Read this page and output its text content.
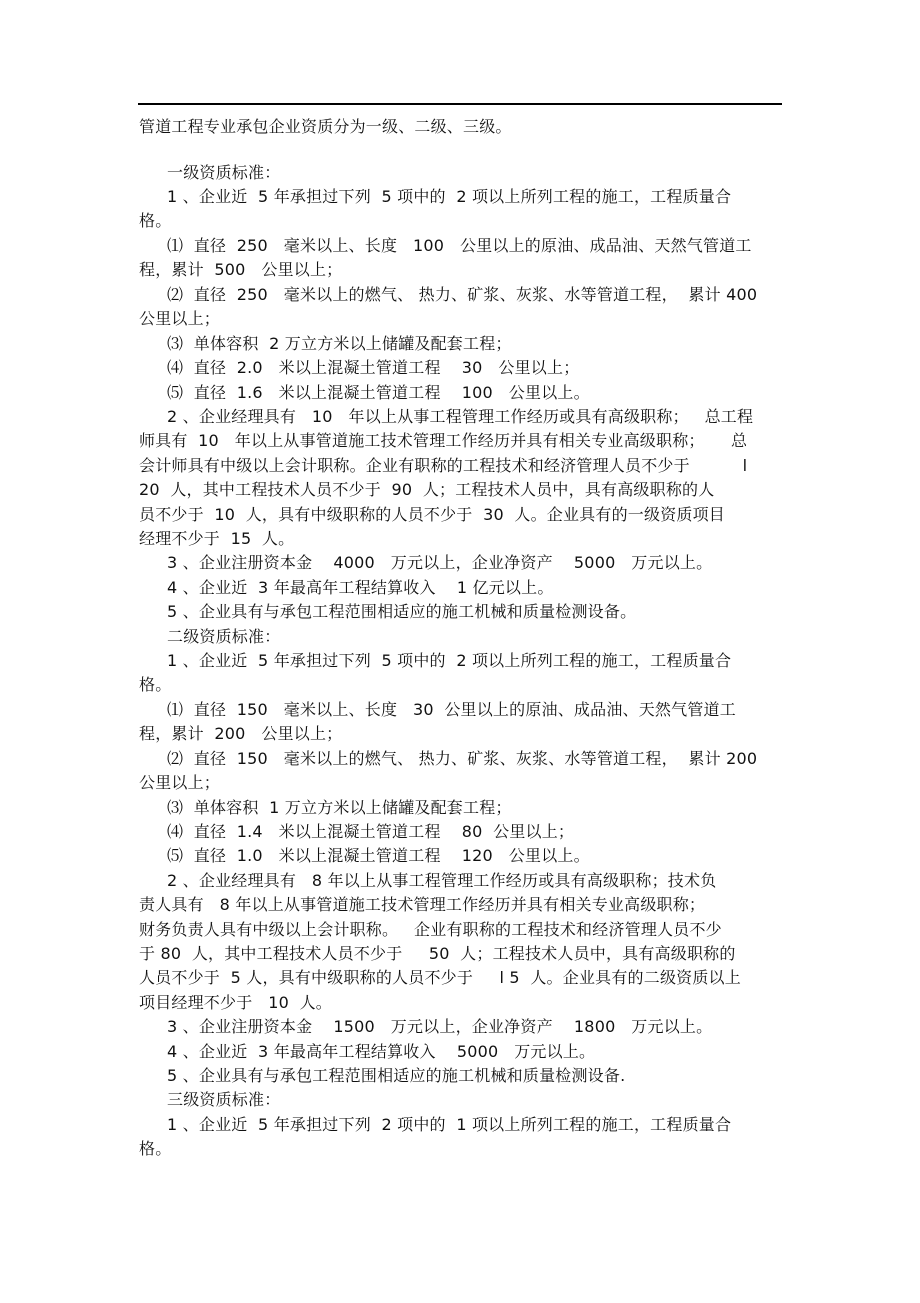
管道工程专业承包企业资质分为一级、二级、三级。
一级资质标准：
1 、企业近  5 年承担过下列  5 项中的  2 项以上所列工程的施工，工程质量合
格。
⑴  直径  250   毫米以上、长度   100   公里以上的原油、成品油、天然气管道工
程，累计  500   公里以上；
⑵  直径  250   毫米以上的燃气、 热力、矿浆、灰浆、水等管道工程，  累计 400
公里以上；
⑶  单体容积  2 万立方米以上储罐及配套工程；
⑷  直径  2.0   米以上混凝土管道工程    30   公里以上；
⑸  直径  1.6   米以上混凝土管道工程    100   公里以上。
2 、企业经理具有   10   年以上从事工程管理工作经历或具有高级职称；   总工程
师具有  10   年以上从事管道施工技术管理工作经历并具有相关专业高级职称；     总
会计师具有中级以上会计职称。企业有职称的工程技术和经济管理人员不少于          l
20  人，其中工程技术人员不少于  90  人；工程技术人员中，具有高级职称的人
员不少于  10  人，具有中级职称的人员不少于  30  人。企业具有的一级资质项目
经理不少于  15  人。
3 、企业注册资本金    4000   万元以上，企业净资产    5000   万元以上。
4 、企业近  3 年最高年工程结算收入    1 亿元以上。
5 、企业具有与承包工程范围相适应的施工机械和质量检测设备。
二级资质标准：
1 、企业近  5 年承担过下列  5 项中的  2 项以上所列工程的施工，工程质量合
格。
⑴  直径  150   毫米以上、长度   30  公里以上的原油、成品油、天然气管道工
程，累计  200   公里以上；
⑵  直径  150   毫米以上的燃气、 热力、矿浆、灰浆、水等管道工程，  累计 200
公里以上；
⑶  单体容积  1 万立方米以上储罐及配套工程；
⑷  直径  1.4   米以上混凝土管道工程    80  公里以上；
⑸  直径  1.0   米以上混凝土管道工程    120   公里以上。
2 、企业经理具有   8 年以上从事工程管理工作经历或具有高级职称；技术负
责人具有   8 年以上从事管道施工技术管理工作经历并具有相关专业高级职称；
财务负责人具有中级以上会计职称。   企业有职称的工程技术和经济管理人员不少
于 80  人，其中工程技术人员不少于     50  人；工程技术人员中，具有高级职称的
人员不少于  5 人，具有中级职称的人员不少于     l 5  人。企业具有的二级资质以上
项目经理不少于   10  人。
3 、企业注册资本金    1500   万元以上，企业净资产    1800   万元以上。
4 、企业近  3 年最高年工程结算收入    5000   万元以上。
5 、企业具有与承包工程范围相适应的施工机械和质量检测设备.
三级资质标准：
1 、企业近  5 年承担过下列  2 项中的  1 项以上所列工程的施工，工程质量合
格。
